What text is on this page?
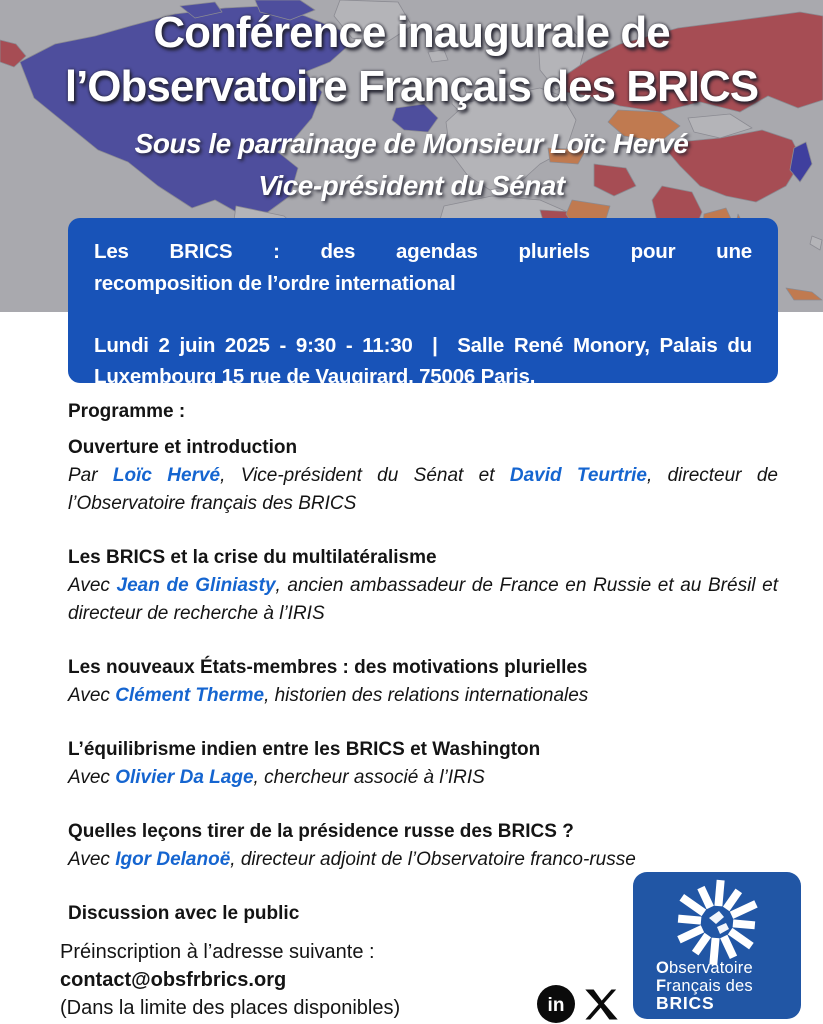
Conférence inaugurale de
l’Observatoire Français des BRICS
Sous le parrainage de Monsieur Loïc Hervé
Vice-président du Sénat

Les BRICS : des agendas pluriels pour une
recomposition de l’ordre international

Lundi 2 juin 2025 - 9:30 - 11:30  |  Salle René Monory, Palais du
Luxembourg 15 rue de Vaugirard, 75006 Paris.

Programme :
Ouverture et introduction

Par Loïc Hervé, Vice-président du Sénat et David Teurtrie, directeur de l’Observatoire français des BRICS

Les BRICS et la crise du multilatéralisme

Avec Jean de Gliniasty, ancien ambassadeur de France en Russie et au Brésil et directeur de recherche à l’IRIS

Les nouveaux États-membres : des motivations plurielles

Avec Clément Therme, historien des relations internationales

L’équilibrisme indien entre les BRICS et Washington

Avec Olivier Da Lage, chercheur associé à l’IRIS

Quelles leçons tirer de la présidence russe des BRICS ?

Avec Igor Delanoë, directeur adjoint de l’Observatoire franco-russe

Discussion avec le public
Préinscription à l’adresse suivante :
contact@obsfrbrics.org
(Dans la limite des places disponibles)	in
Observatoire
Français des
BRICS
